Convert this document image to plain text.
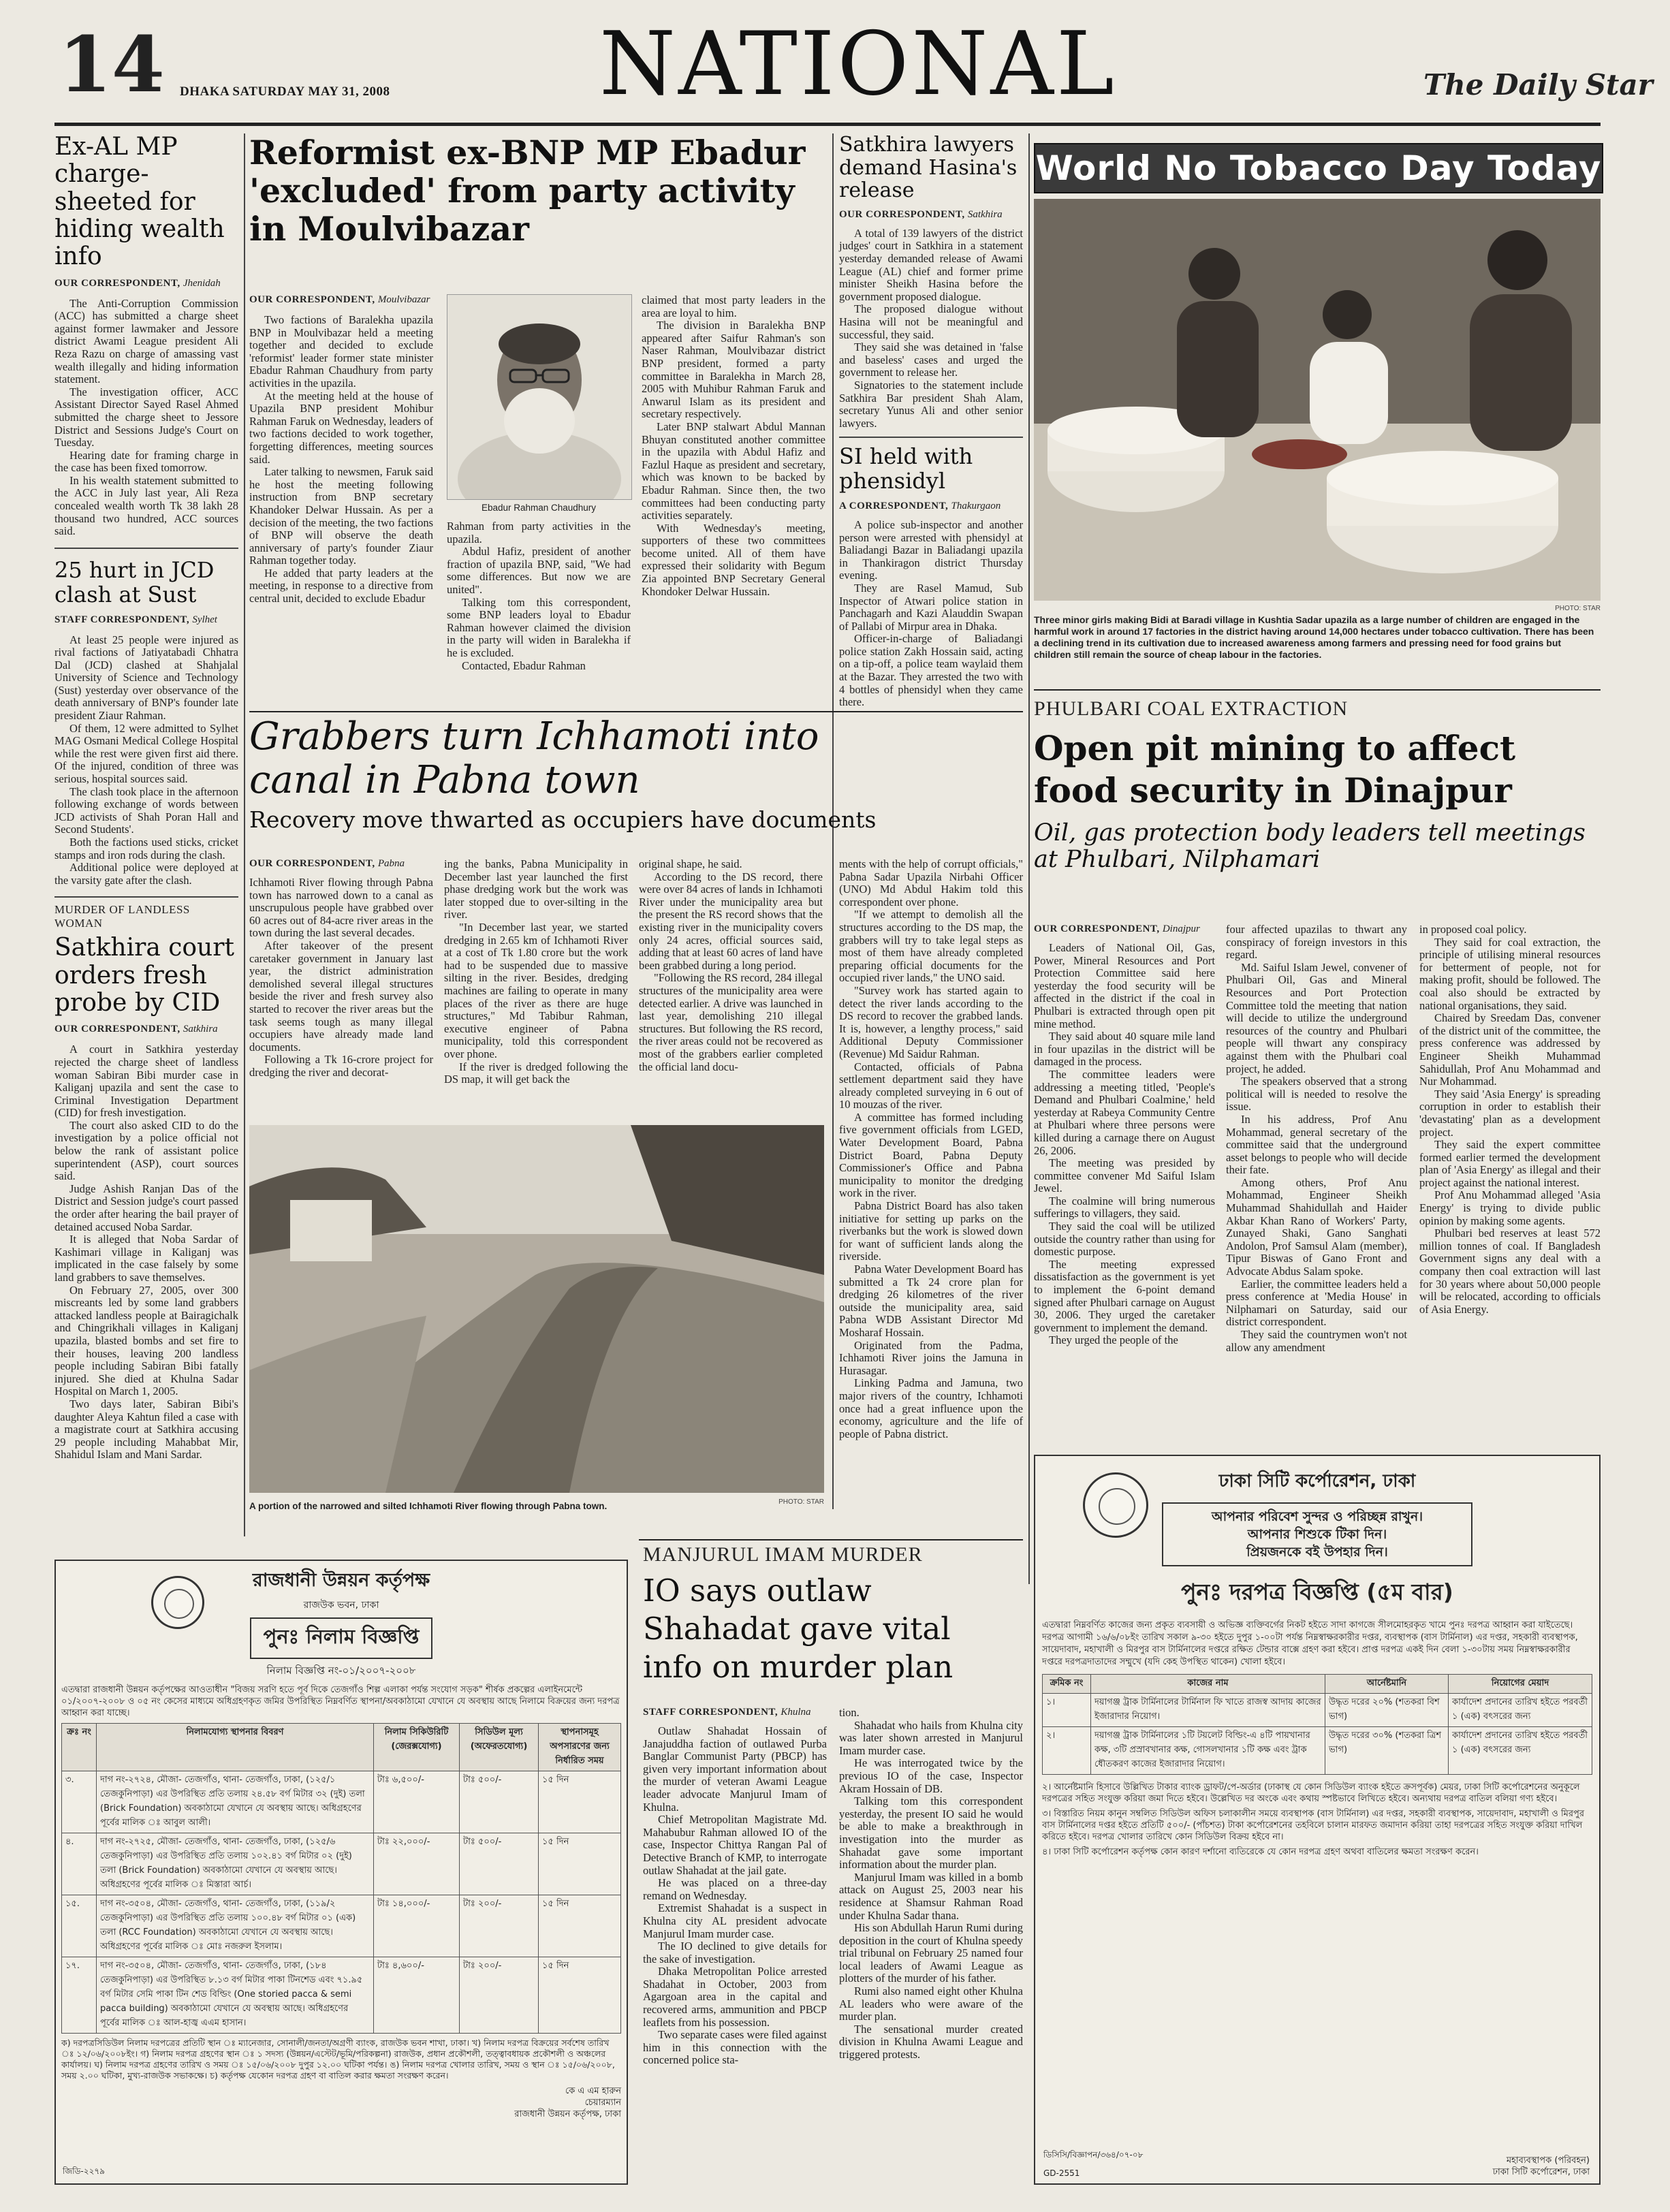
14 DHAKA SATURDAY MAY 31, 2008 NATIONAL	The Daily Star
Ex-AL MP charge-sheeted for hiding wealth info
OUR CORRESPONDENT, Jhenidah

The Anti-Corruption Commission (ACC) has submitted a charge sheet against former lawmaker and Jessore district Awami League president Ali Reza Razu on charge of amassing vast wealth illegally and hiding information statement.

The investigation officer, ACC Assistant Director Sayed Rasel Ahmed submitted the charge sheet to Jessore District and Sessions Judge's Court on Tuesday.

Hearing date for framing charge in the case has been fixed tomorrow.

In his wealth statement submitted to the ACC in July last year, Ali Reza concealed wealth worth Tk 38 lakh 28 thousand two hundred, ACC sources said.

25 hurt in JCD clash at Sust
STAFF CORRESPONDENT, Sylhet

At least 25 people were injured as rival factions of Jatiyatabadi Chhatra Dal (JCD) clashed at Shahjalal University of Science and Technology (Sust) yesterday over observance of the death anniversary of BNP's founder late president Ziaur Rahman.

Of them, 12 were admitted to Sylhet MAG Osmani Medical College Hospital while the rest were given first aid there. Of the injured, condition of three was serious, hospital sources said.

The clash took place in the afternoon following exchange of words between JCD activists of Shah Poran Hall and Second Students'.

Both the factions used sticks, cricket stamps and iron rods during the clash.

Additional police were deployed at the varsity gate after the clash.

MURDER OF LANDLESS WOMAN
Satkhira court orders fresh probe by CID
OUR CORRESPONDENT, Satkhira

A court in Satkhira yesterday rejected the charge sheet of landless woman Sabiran Bibi murder case in Kaliganj upazila and sent the case to Criminal Investigation Department (CID) for fresh investigation.

The court also asked CID to do the investigation by a police official not below the rank of assistant police superintendent (ASP), court sources said.

Judge Ashish Ranjan Das of the District and Session judge's court passed the order after hearing the bail prayer of detained accused Noba Sardar.

It is alleged that Noba Sardar of Kashimari village in Kaliganj was implicated in the case falsely by some land grabbers to save themselves.

On February 27, 2005, over 300 miscreants led by some land grabbers attacked landless people at Bairagichalk and Chingrikhali villages in Kaliganj upazila, blasted bombs and set fire to their houses, leaving 200 landless people including Sabiran Bibi fatally injured. She died at Khulna Sadar Hospital on March 1, 2005.

Two days later, Sabiran Bibi's daughter Aleya Kahtun filed a case with a magistrate court at Satkhira accusing 29 people including Mahabbat Mir, Shahidul Islam and Mani Sardar.

Reformist ex-BNP MP Ebadur 'excluded' from party activity in Moulvibazar
OUR CORRESPONDENT, Moulvibazar

Two factions of Baralekha upazila BNP in Moulvibazar held a meeting together and decided to exclude 'reformist' leader former state minister Ebadur Rahman Chaudhury from party activities in the upazila.

At the meeting held at the house of Upazila BNP president Mohibur Rahman Faruk on Wednesday, leaders of two factions decided to work together, forgetting differences, meeting sources said.

Later talking to newsmen, Faruk said he host the meeting following instruction from BNP secretary Khandoker Delwar Hussain. As per a decision of the meeting, the two factions of BNP will observe the death anniversary of party's founder Ziaur Rahman together today.

He added that party leaders at the meeting, in response to a directive from central unit, decided to exclude Ebadur

Ebadur Rahman Chaudhury

Rahman from party activities in the upazila.

Abdul Hafiz, president of another fraction of upazila BNP, said, "We had some differences. But now we are united".

Talking tom this correspondent, some BNP leaders loyal to Ebadur Rahman however claimed the division in the party will widen in Baralekha if he is excluded.

Contacted, Ebadur Rahman

claimed that most party leaders in the area are loyal to him.

The division in Baralekha BNP appeared after Saifur Rahman's son Naser Rahman, Moulvibazar district BNP president, formed a party committee in Baralekha in March 28, 2005 with Muhibur Rahman Faruk and Anwarul Islam as its president and secretary respectively.

Later BNP stalwart Abdul Mannan Bhuyan constituted another committee in the upazila with Abdul Hafiz and Fazlul Haque as president and secretary, which was known to be backed by Ebadur Rahman. Since then, the two committees had been conducting party activities separately.

With Wednesday's meeting, supporters of these two committees become united. All of them have expressed their solidarity with Begum Zia appointed BNP Secretary General Khondoker Delwar Hussain.

Satkhira lawyers demand Hasina's release
OUR CORRESPONDENT, Satkhira

A total of 139 lawyers of the district judges' court in Satkhira in a statement yesterday demanded release of Awami League (AL) chief and former prime minister Sheikh Hasina before the government proposed dialogue.

The proposed dialogue without Hasina will not be meaningful and successful, they said.

They said she was detained in 'false and baseless' cases and urged the government to release her.

Signatories to the statement include Satkhira Bar president Shah Alam, secretary Yunus Ali and other senior lawyers.

SI held with phensidyl
A CORRESPONDENT, Thakurgaon

A police sub-inspector and another person were arrested with phensidyl at Baliadangi Bazar in Baliadangi upazila in Thankiragon district Thursday evening.

They are Rasel Mamud, Sub Inspector of Atwari police station in Panchagarh and Kazi Alauddin Swapan of Pallabi of Mirpur area in Dhaka.

Officer-in-charge of Baliadangi police station Zakh Hossain said, acting on a tip-off, a police team waylaid them at the Bazar. They arrested the two with 4 bottles of phensidyl when they came there.

World No Tobacco Day Today
PHOTO: STAR
Three minor girls making Bidi at Baradi village in Kushtia Sadar upazila as a large number of children are engaged in the harmful work in around 17 factories in the district having around 14,000 hectares under tobacco cultivation. There has been a declining trend in its cultivation due to increased awareness among farmers and pressing need for food grains but children still remain the source of cheap labour in the factories.
PHULBARI COAL EXTRACTION
Open pit mining to affect food security in Dinajpur
Oil, gas protection body leaders tell meetings at Phulbari, Nilphamari
OUR CORRESPONDENT, Dinajpur

Leaders of National Oil, Gas, Power, Mineral Resources and Port Protection Committee said here yesterday the food security will be affected in the district if the coal in Phulbari is extracted through open pit mine method.

They said about 40 square mile land in four upazilas in the district will be damaged in the process.

The committee leaders were addressing a meeting titled, 'People's Demand and Phulbari Coalmine,' held yesterday at Rabeya Community Centre at Phulbari where three persons were killed during a carnage there on August 26, 2006.

The meeting was presided by committee convener Md Saiful Islam Jewel.

The coalmine will bring numerous sufferings to villagers, they said.

They said the coal will be utilized outside the country rather than using for domestic purpose.

The meeting expressed dissatisfaction as the government is yet to implement the 6-point demand signed after Phulbari carnage on August 30, 2006. They urged the caretaker government to implement the demand.

They urged the people of the

four affected upazilas to thwart any conspiracy of foreign investors in this regard.

Md. Saiful Islam Jewel, convener of Phulbari Oil, Gas and Mineral Resources and Port Protection Committee told the meeting that nation will decide to utilize the underground resources of the country and Phulbari people will thwart any conspiracy against them with the Phulbari coal project, he added.

The speakers observed that a strong political will is needed to resolve the issue.

In his address, Prof Anu Mohammad, general secretary of the committee said that the underground asset belongs to people who will decide their fate.

Among others, Prof Anu Mohammad, Engineer Sheikh Muhammad Shahidullah and Haider Akbar Khan Rano of Workers' Party, Zunayed Shaki, Gano Sanghati Andolon, Prof Samsul Alam (member), Tipur Biswas of Gano Front and Advocate Abdus Salam spoke.

Earlier, the committee leaders held a press conference at 'Media House' in Nilphamari on Saturday, said our district correspondent.

They said the countrymen won't not allow any amendment

in proposed coal policy.

They said for coal extraction, the principle of utilising mineral resources for betterment of people, not for making profit, should be followed. The coal also should be extracted by national organisations, they said.

Chaired by Sreedam Das, convener of the district unit of the committee, the press conference was addressed by Engineer Sheikh Muhammad Sahidullah, Prof Anu Mohammad and Nur Mohammad.

They said 'Asia Energy' is spreading corruption in order to establish their 'devastating' plan as a development project.

They said the expert committee formed earlier termed the development plan of 'Asia Energy' as illegal and their project against the national interest.

Prof Anu Mohammad alleged 'Asia Energy' is trying to divide public opinion by making some agents.

Phulbari bed reserves at least 572 million tonnes of coal. If Bangladesh Government signs any deal with a company then coal extraction will last for 30 years where about 50,000 people will be relocated, according to officials of Asia Energy.

Grabbers turn Ichhamoti into canal in Pabna town
Recovery move thwarted as occupiers have documents
OUR CORRESPONDENT, Pabna

Ichhamoti River flowing through Pabna town has narrowed down to a canal as unscrupulous people have grabbed over 60 acres out of 84-acre river areas in the town during the last several decades.

After takeover of the present caretaker government in January last year, the district administration demolished several illegal structures beside the river and fresh survey also started to recover the river areas but the task seems tough as many illegal occupiers have already made land documents.

Following a Tk 16-crore project for dredging the river and decorat-

ing the banks, Pabna Municipality in December last year launched the first phase dredging work but the work was later stopped due to over-silting in the river.

"In December last year, we started dredging in 2.65 km of Ichhamoti River at a cost of Tk 1.80 crore but the work had to be suspended due to massive silting in the river. Besides, dredging machines are failing to operate in many places of the river as there are huge structures," Md Tabibur Rahman, executive engineer of Pabna municipality, told this correspondent over phone.

If the river is dredged following the DS map, it will get back the

original shape, he said.

According to the DS record, there were over 84 acres of lands in Ichhamoti River under the municipality area but the present the RS record shows that the existing river in the municipality covers only 24 acres, official sources said, adding that at least 60 acres of land have been grabbed during a long period.

"Following the RS record, 284 illegal structures of the municipality area were detected earlier. A drive was launched in last year, demolishing 210 illegal structures. But following the RS record, the river areas could not be recovered as most of the grabbers earlier completed the official land docu-

ments with the help of corrupt officials," Pabna Sadar Upazila Nirbahi Officer (UNO) Md Abdul Hakim told this correspondent over phone.

"If we attempt to demolish all the structures according to the DS map, the grabbers will try to take legal steps as most of them have already completed preparing official documents for the occupied river lands," the UNO said.

"Survey work has started again to detect the river lands according to the DS record to recover the grabbed lands. It is, however, a lengthy process," said Additional Deputy Commissioner (Revenue) Md Saidur Rahman.

Contacted, officials of Pabna settlement department said they have already completed surveying in 6 out of 10 mouzas of the river.

A committee has formed including five government officials from LGED, Water Development Board, Pabna District Board, Pabna Deputy Commissioner's Office and Pabna municipality to monitor the dredging work in the river.

Pabna District Board has also taken initiative for setting up parks on the riverbanks but the work is slowed down for want of sufficient lands along the riverside.

Pabna Water Development Board has submitted a Tk 24 crore plan for dredging 26 kilometres of the river outside the municipality area, said Pabna WDB Assistant Director Md Mosharaf Hossain.

Originated from the Padma, Ichhamoti River joins the Jamuna in Hurasagar.

Linking Padma and Jamuna, two major rivers of the country, Ichhamoti once had a great influence upon the economy, agriculture and the life of people of Pabna district.

A portion of the narrowed and silted Ichhamoti River flowing through Pabna town.	PHOTO: STAR
MANJURUL IMAM MURDER
IO says outlaw Shahadat gave vital info on murder plan
STAFF CORRESPONDENT, Khulna

Outlaw Shahadat Hossain of Janajuddha faction of outlawed Purba Banglar Communist Party (PBCP) has given very important information about the murder of veteran Awami League leader advocate Manjurul Imam of Khulna.

Chief Metropolitan Magistrate Md. Mahabubur Rahman allowed IO of the case, Inspector Chittya Rangan Pal of Detective Branch of KMP, to interrogate outlaw Shahadat at the jail gate.

He was placed on a three-day remand on Wednesday.

Extremist Shahadat is a suspect in Khulna city AL president advocate Manjurul Imam murder case.

The IO declined to give details for the sake of investigation.

Dhaka Metropolitan Police arrested Shadahat in October, 2003 from Agargoan area in the capital and recovered arms, ammunition and PBCP leaflets from his possession.

Two separate cases were filed against him in this connection with the concerned police sta-

tion.

Shahadat who hails from Khulna city was later shown arrested in Manjurul Imam murder case.

He was interrogated twice by the previous IO of the case, Inspector Akram Hossain of DB.

Talking tom this correspondent yesterday, the present IO said he would be able to make a breakthrough in investigation into the murder as Shahadat gave some important information about the murder plan.

Manjurul Imam was killed in a bomb attack on August 25, 2003 near his residence at Shamsur Rahman Road under Khulna Sadar thana.

His son Abdullah Harun Rumi during deposition in the court of Khulna speedy trial tribunal on February 25 named four local leaders of Awami League as plotters of the murder of his father.

Rumi also named eight other Khulna AL leaders who were aware of the murder plan.

The sensational murder created division in Khulna Awami League and triggered protests.

রাজধানী উন্নয়ন কর্তৃপক্ষ
রাজউক ভবন, ঢাকা
পুনঃ নিলাম বিজ্ঞপ্তি
নিলাম বিজ্ঞপ্তি নং-০১/২০০৭-২০০৮
এতদ্বারা রাজধানী উন্নয়ন কর্তৃপক্ষের আওতাধীন "বিজয় সরণি হতে পূর্ব দিকে তেজগাঁও শিল্প এলাকা পর্যন্ত সংযোগ সড়ক" শীর্ষক প্রকল্পের এলাইনমেন্টে ০১/২০০৭-২০০৮ ও ০৫ নং কেসের মাধ্যমে অধিগ্রহণকৃত জমির উপরিস্থিত নিম্নবর্ণিত স্থাপনা/অবকাঠামো যেখানে যে অবস্থায় আছে নিলামে বিক্রয়ের জন্য দরপত্র আহ্বান করা যাচ্ছে।
ক্রঃ নং	নিলামযোগ্য স্থাপনার বিবরণ	নিলাম সিকিউরিটি (জেরক্সযোগ্য)	সিডিউল মূল্য (অফেরতযোগ্য)	স্থাপনাসমূহ অপসারণের জন্য নির্ধারিত সময়
৩.	দাগ নং-২৭২৪, মৌজা- তেজগাঁও, থানা- তেজগাঁও, ঢাকা, (১২৫/১ তেজকুনিপাড়া) এর উপরিস্থিত প্রতি তলায় ২৪.৫৮ বর্গ মিটার ৩২ (দুই) তলা (Brick Foundation) অবকাঠামো যেখানে যে অবস্থায় আছে। অধিগ্রহণের পূর্বের মালিক ঃ আবুল আলী।	টাঃ ৬,৫০০/-	টাঃ ৫০০/-	১৫ দিন
৪.	দাগ নং-২৭২৫, মৌজা- তেজগাঁও, থানা- তেজগাঁও, ঢাকা, (১২৫/৬ তেজকুনিপাড়া) এর উপরিস্থিত প্রতি তলায় ১০২.৪১ বর্গ মিটার ০২ (দুই) তলা (Brick Foundation) অবকাঠামো যেখানে যে অবস্থায় আছে। অধিগ্রহণের পূর্বের মালিক ঃ মিস্তারা আর্চ।	টাঃ ২২,০০০/-	টাঃ ৫০০/-	১৫ দিন
১৫.	দাগ নং-৩৫০৪, মৌজা- তেজগাঁও, থানা- তেজগাঁও, ঢাকা, (১১৯/২ তেজকুনিপাড়া) এর উপরিস্থিত প্রতি তলায় ১০০.৪৮ বর্গ মিটার ০১ (এক) তলা (RCC Foundation) অবকাঠামো যেখানে যে অবস্থায় আছে। অধিগ্রহণের পূর্বের মালিক ঃ মোঃ নজরুল ইসলাম।	টাঃ ১৪,০০০/-	টাঃ ২০০/-	১৫ দিন
১৭.	দাগ নং-৩৫০৪, মৌজা- তেজগাঁও, থানা- তেজগাঁও, ঢাকা, (১৮৪ তেজকুনিপাড়া) এর উপরিস্থিত ৮.১৩ বর্গ মিটার পাকা টিনশেড এবং ৭১.৯৫ বর্গ মিটার সেমি পাকা টিন শেড বিল্ডিং (One storied pacca & semi pacca building) অবকাঠামো যেখানে যে অবস্থায় আছে। অধিগ্রহণের পূর্বের মালিক ঃ আল-হাজ্ব এএম হাসান।	টাঃ ৪,৬০০/-	টাঃ ২০০/-	১৫ দিন
ক) দরপত্রসিডিউল নিলাম দরপত্রের প্রতিটি স্থান ঃ ম্যানেজার, সোনালী/জনতা/অগ্রণী ব্যাংক, রাজউক ভবন শাখা, ঢাকা। খ) নিলাম দরপত্র বিক্রয়ের সর্বশেষ তারিখ ঃ ১২/০৬/২০০৮ইং। গ) নিলাম দরপত্র গ্রহণের স্থান ঃ ১ সদস্য (উন্নয়ন/এস্টেট/ভূমি/পরিকল্পনা) রাজউক, প্রধান প্রকৌশলী, তত্ত্বাবধায়ক প্রকৌশলী ও অঞ্চলের কার্যালয়। ঘ) নিলাম দরপত্র গ্রহণের তারিখ ও সময় ঃ ১৫/০৬/২০০৮ দুপুর ১২.০০ ঘটিকা পর্যন্ত। ঙ) নিলাম দরপত্র খোলার তারিখ, সময় ও স্থান ঃ ১৫/০৬/২০০৮, সময় ২.০০ ঘটিকা, মুখ্য-রাজউক সভাকক্ষে। চ) কর্তৃপক্ষ যেকোন দরপত্র গ্রহণ বা বাতিল করার ক্ষমতা সংরক্ষণ করেন।
কে এ এম হারুন
চেয়ারম্যান
রাজধানী উন্নয়ন কর্তৃপক্ষ, ঢাকা
জিডি-২২৭৯
ঢাকা সিটি কর্পোরেশন, ঢাকা
আপনার পরিবেশ সুন্দর ও পরিচ্ছন্ন রাখুন।
আপনার শিশুকে টিকা দিন।
প্রিয়জনকে বই উপহার দিন।
পুনঃ দরপত্র বিজ্ঞপ্তি (৫ম বার)
এতদ্বারা নিম্নবর্ণিত কাজের জন্য প্রকৃত ব্যবসায়ী ও অভিজ্ঞ ব্যক্তিবর্গের নিকট হইতে সাদা কাগজে সীলমোহরকৃত খামে পুনঃ দরপত্র আহ্বান করা যাইতেছে। দরপত্র আগামী ১৬/৬/০৮ইং তারিখ সকাল ৯-৩০ হইতে দুপুর ১-০০টা পর্যন্ত নিম্নস্বাক্ষরকারীর দপ্তর, ব্যবস্থাপক (বাস টার্মিনাল) এর দপ্তর, সহকারী ব্যবস্থাপক, সায়েদাবাদ, মহাখালী ও মিরপুর বাস টার্মিনালের দপ্তরে রক্ষিত টেন্ডার বাক্সে গ্রহণ করা হইবে। প্রাপ্ত দরপত্র একই দিন বেলা ১-৩০টায় সময় নিম্নস্বাক্ষরকারীর দপ্তরে দরপত্রদাতাদের সম্মুখে (যদি কেহ উপস্থিত থাকেন) খোলা হইবে।
ক্রমিক নং	কাজের নাম	আর্নেষ্টমানি	নিয়োগের মেয়াদ
১।	দয়াগঞ্জ ট্রাক টার্মিনালের টার্মিনাল ফি খাতে রাজস্ব আদায় কাজের ইজারাদার নিয়োগ।	উদ্ধৃত দরের ২০% (শতকরা বিশ ভাগ)	কার্যাদেশ প্রদানের তারিখ হইতে পরবর্তী ১ (এক) বৎসরের জন্য
২।	দয়াগঞ্জ ট্রাক টার্মিনালের ১টি টয়লেট বিল্ডিং-এ ৪টি পায়খানার কক্ষ, ৩টি প্রস্রাবখানার কক্ষ, গোসলখানার ১টি কক্ষ এবং ট্রাক ধৌতকরণ কাজের ইজারাদার নিয়োগ।	উদ্ধৃত দরের ৩০% (শতকরা ত্রিশ ভাগ)	কার্যাদেশ প্রদানের তারিখ হইতে পরবর্তী ১ (এক) বৎসরের জন্য
২। আর্নেষ্টমানি হিসাবে উল্লিখিত টাকার ব্যাংক ড্রাফট/পে-অর্ডার (ঢাকাস্থ যে কোন সিডিউল ব্যাংক হইতে ক্রসপূর্বক) মেয়র, ঢাকা সিটি কর্পোরেশনের অনুকূলে দরপত্রের সহিত সংযুক্ত করিয়া জমা দিতে হইবে। উল্লেখিত দর অংকে এবং কথায় স্পষ্টভাবে লিখিতে হইবে। অন্যথায় দরপত্র বাতিল বলিয়া গণ্য হইবে।
৩। বিস্তারিত নিয়ম কানুন সম্বলিত সিডিউল অফিস চলাকালীন সময়ে ব্যবস্থাপক (বাস টার্মিনাল) এর দপ্তর, সহকারী ব্যবস্থাপক, সায়েদাবাদ, মহাখালী ও মিরপুর বাস টার্মিনালের দপ্তর হইতে প্রতিটি ৫০০/- (পাঁচশত) টাকা কর্পোরেশনের তহবিলে চালান মারফত জমাদান করিয়া তাহা দরপত্রের সহিত সংযুক্ত করিয়া দাখিল করিতে হইবে। দরপত্র খোলার তারিখে কোন সিডিউল বিক্রয় হইবে না।
৪। ঢাকা সিটি কর্পোরেশন কর্তৃপক্ষ কোন কারণ দর্শানো ব্যতিরেকে যে কোন দরপত্র গ্রহণ অথবা বাতিলের ক্ষমতা সংরক্ষণ করেন।
ডিসিসি/বিজ্ঞাপন/৩৬৪/০৭-০৮
GD-2551
মহাব্যবস্থাপক (পরিবহন)
ঢাকা সিটি কর্পোরেশন, ঢাকা
